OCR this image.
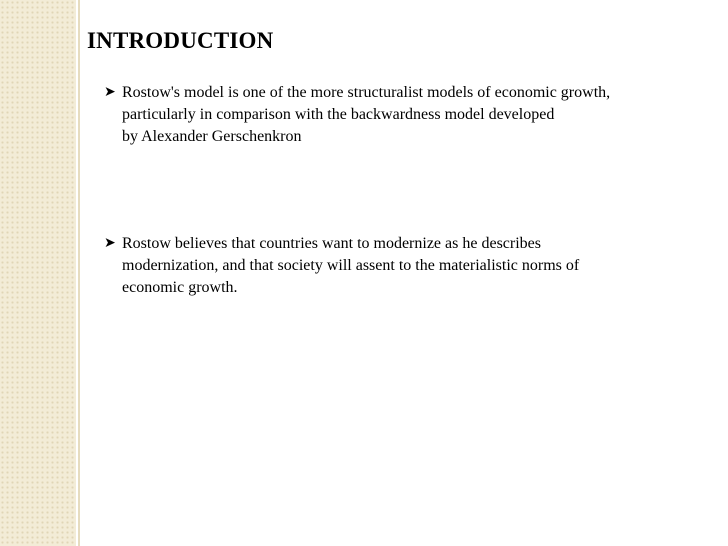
INTRODUCTION
➤ Rostow's model is one of the more structuralist models of economic growth,
particularly in comparison with the backwardness model developed
by Alexander Gerschenkron
➤ Rostow believes that countries want to modernize as he describes
modernization, and that society will assent to the materialistic norms of
economic growth.
